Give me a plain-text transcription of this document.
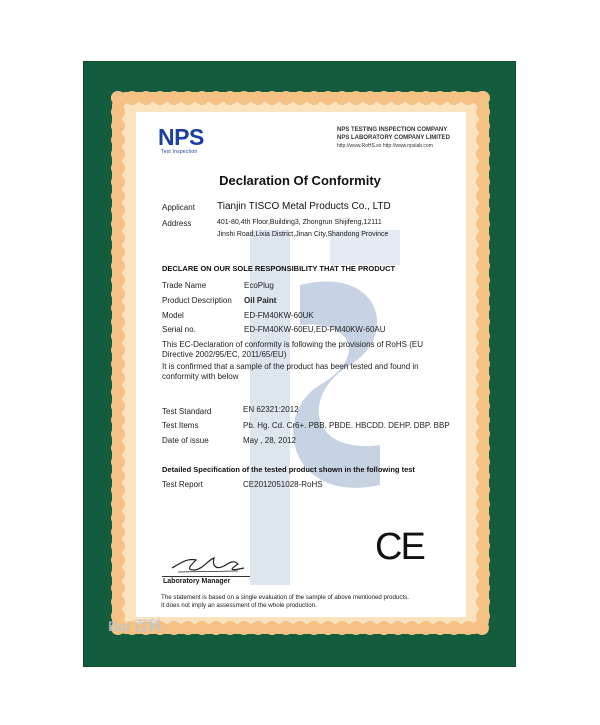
NPS
Test Inspection
NPS TESTING INSPECTION COMPANY
NPS LABORATORY COMPANY LIMITED
http://www.RoHS.so http://www.npslab.com
Declaration Of Conformity
Applicant Tianjin TISCO Metal Products Co., LTD
Address	401-80,4th Floor,Building3, Zhongrun Shijifeng,12111
Jinshi Road,Lixia District,Jinan City,Shandong Province
DECLARE ON OUR SOLE RESPONSIBILITY THAT THE PRODUCT
Trade Name	EcoPlug
Product Description Oil Paint
Model	ED-FM40KW-60UK
Serial no.	ED-FM40KW-60EU,ED-FM40KW-60AU
This EC-Declaration of conformity is following the provisions of RoHS (EU
Directive 2002/95/EC, 2011/65/EU)
It is confirmed that a sample of the product has been tested and found in
conformity with below
Test Standard	EN 62321:2012
Test Items	Pb. Hg. Cd. Cr6+. PBB. PBDE. HBCDD. DEHP. DBP. BBP
Date of issue	May , 28, 2012
Detailed Specification of the tested product shown in the following test
Test Report	CE2012051028-RoHS
CE
Laboratory Manager
The statement is based on a single evaluation of the sample of above mentioned products.
It does not imply an assessment of the whole production.
Bai 百科
